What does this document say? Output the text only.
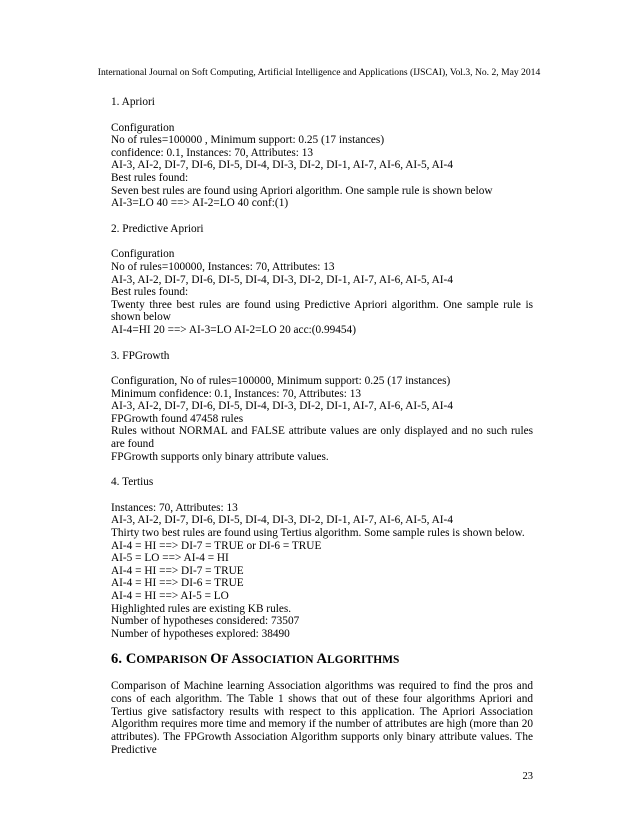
International Journal on Soft Computing, Artificial Intelligence and Applications (IJSCAI), Vol.3, No. 2, May 2014

1. Apriori

Configuration

No of rules=100000 , Minimum support: 0.25 (17 instances)

confidence: 0.1, Instances: 70, Attributes: 13

AI-3, AI-2, DI-7, DI-6, DI-5, DI-4, DI-3, DI-2, DI-1, AI-7, AI-6, AI-5, AI-4

Best rules found:

Seven best rules are found using Apriori algorithm. One sample rule is shown below

AI-3=LO 40 ==> AI-2=LO 40 conf:(1)

2. Predictive Apriori

Configuration

No of rules=100000, Instances: 70, Attributes: 13

AI-3, AI-2, DI-7, DI-6, DI-5, DI-4, DI-3, DI-2, DI-1, AI-7, AI-6, AI-5, AI-4

Best rules found:

Twenty three best rules are found using Predictive Apriori algorithm. One sample rule is shown below

AI-4=HI 20 ==> AI-3=LO AI-2=LO 20 acc:(0.99454)

3. FPGrowth

Configuration, No of rules=100000, Minimum support: 0.25 (17 instances)

Minimum confidence: 0.1, Instances: 70, Attributes: 13

AI-3, AI-2, DI-7, DI-6, DI-5, DI-4, DI-3, DI-2, DI-1, AI-7, AI-6, AI-5, AI-4

FPGrowth found 47458 rules

Rules without NORMAL and FALSE attribute values are only displayed and no such rules are found

FPGrowth supports only binary attribute values.

4. Tertius

Instances: 70, Attributes: 13

AI-3, AI-2, DI-7, DI-6, DI-5, DI-4, DI-3, DI-2, DI-1, AI-7, AI-6, AI-5, AI-4

Thirty two best rules are found using Tertius algorithm. Some sample rules is shown below.

AI-4 = HI ==> DI-7 = TRUE or DI-6 = TRUE

AI-5 = LO ==> AI-4 = HI

AI-4 = HI ==> DI-7 = TRUE

AI-4 = HI ==> DI-6 = TRUE

AI-4 = HI ==> AI-5 = LO

Highlighted rules are existing KB rules.

Number of hypotheses considered: 73507

Number of hypotheses explored: 38490

6. COMPARISON OF ASSOCIATION ALGORITHMS

Comparison of Machine learning Association algorithms was required to find the pros and cons of each algorithm. The Table 1 shows that out of these four algorithms Apriori and Tertius give satisfactory results with respect to this application. The Apriori Association Algorithm requires more time and memory if the number of attributes are high (more than 20 attributes). The FPGrowth Association Algorithm supports only binary attribute values. The Predictive

23
